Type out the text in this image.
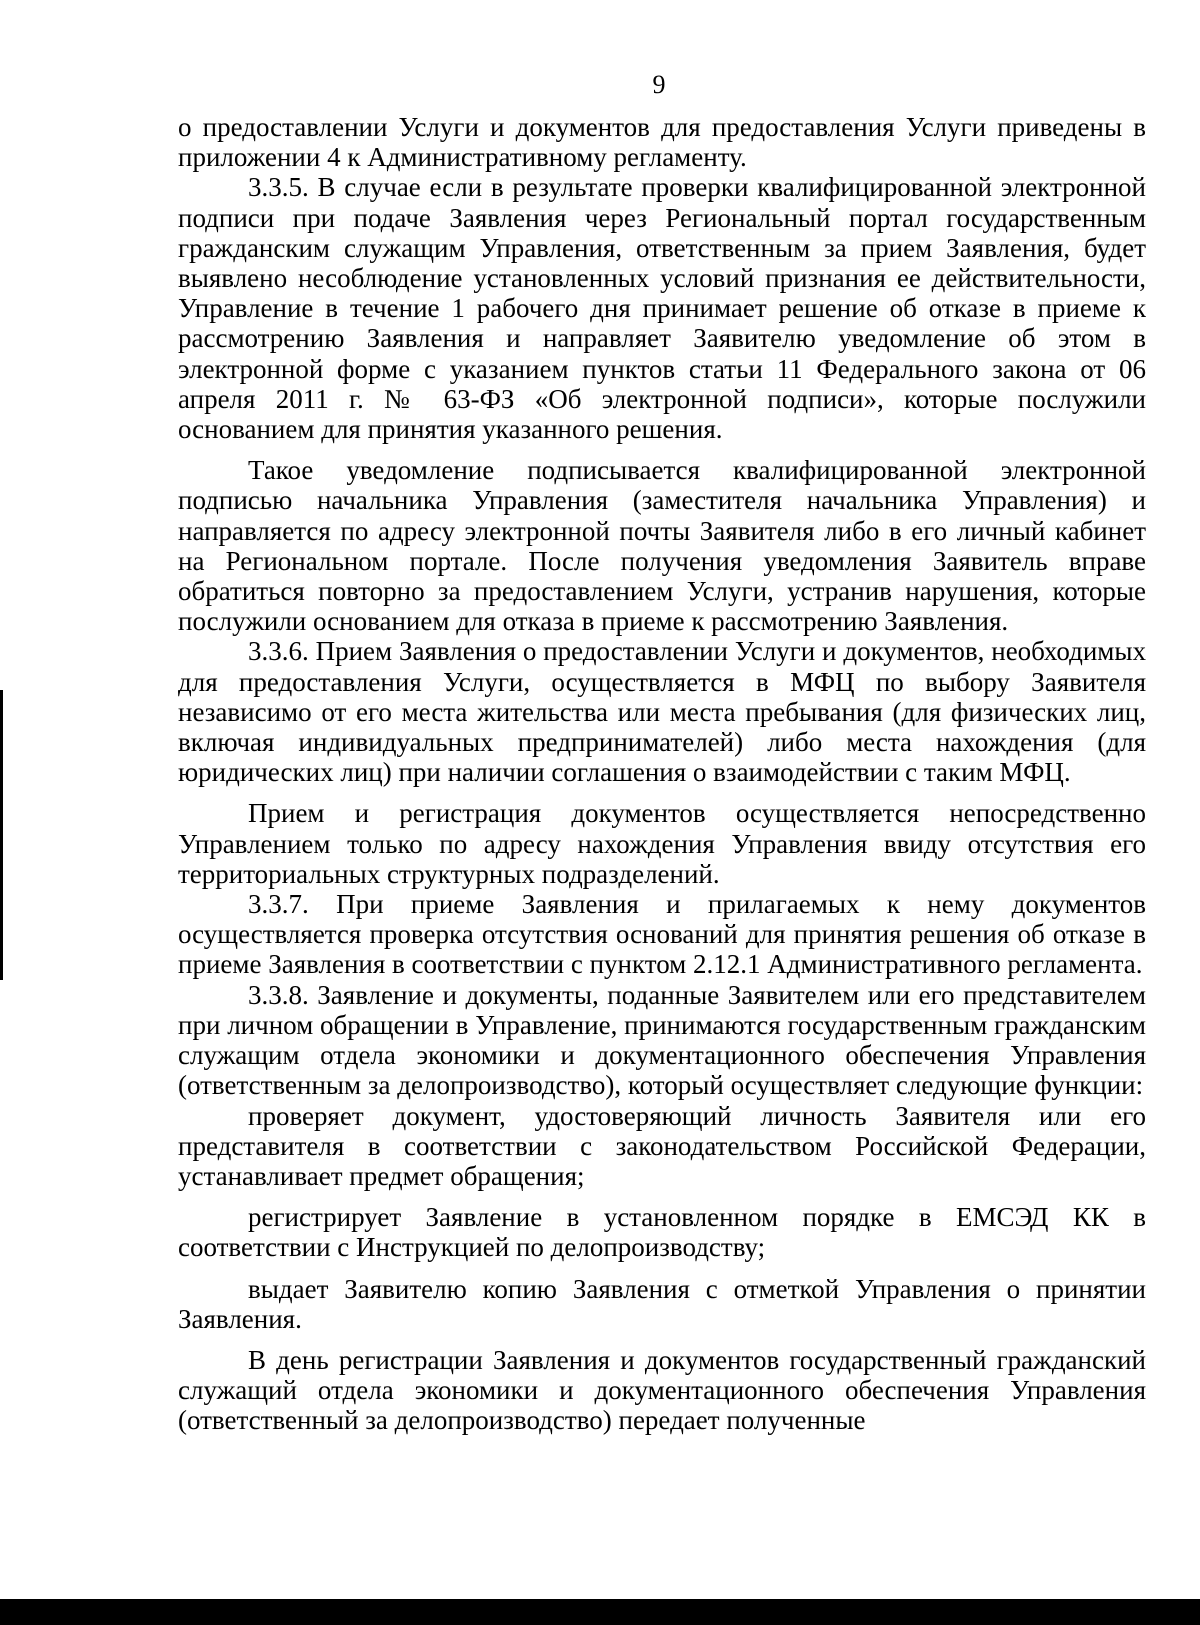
9

о предоставлении Услуги и документов для предоставления Услуги приведены в приложении 4 к Административному регламенту.

3.3.5. В случае если в результате проверки квалифицированной электронной подписи при подаче Заявления через Региональный портал государственным гражданским служащим Управления, ответственным за прием Заявления, будет выявлено несоблюдение установленных условий признания ее действительности, Управление в течение 1 рабочего дня принимает решение об отказе в приеме к рассмотрению Заявления и направляет Заявителю уведомление об этом в электронной форме с указанием пунктов статьи 11 Федерального закона от 06 апреля 2011 г. № 63-ФЗ «Об электронной подписи», которые послужили основанием для принятия указанного решения.

Такое уведомление подписывается квалифицированной электронной подписью начальника Управления (заместителя начальника Управления) и направляется по адресу электронной почты Заявителя либо в его личный кабинет на Региональном портале. После получения уведомления Заявитель вправе обратиться повторно за предоставлением Услуги, устранив нарушения, которые послужили основанием для отказа в приеме к рассмотрению Заявления.

3.3.6. Прием Заявления о предоставлении Услуги и документов, необходимых для предоставления Услуги, осуществляется в МФЦ по выбору Заявителя независимо от его места жительства или места пребывания (для физических лиц, включая индивидуальных предпринимателей) либо места нахождения (для юридических лиц) при наличии соглашения о взаимодействии с таким МФЦ.

Прием и регистрация документов осуществляется непосредственно Управлением только по адресу нахождения Управления ввиду отсутствия его территориальных структурных подразделений.

3.3.7. При приеме Заявления и прилагаемых к нему документов осуществляется проверка отсутствия оснований для принятия решения об отказе в приеме Заявления в соответствии с пунктом 2.12.1 Административного регламента.

3.3.8. Заявление и документы, поданные Заявителем или его представителем при личном обращении в Управление, принимаются государственным гражданским служащим отдела экономики и документационного обеспечения Управления (ответственным за делопроизводство), который осуществляет следующие функции:

проверяет документ, удостоверяющий личность Заявителя или его представителя в соответствии с законодательством Российской Федерации, устанавливает предмет обращения;

регистрирует Заявление в установленном порядке в ЕМСЭД КК в соответствии с Инструкцией по делопроизводству;

выдает Заявителю копию Заявления с отметкой Управления о принятии Заявления.

В день регистрации Заявления и документов государственный гражданский служащий отдела экономики и документационного обеспечения Управления (ответственный за делопроизводство) передает полученные
